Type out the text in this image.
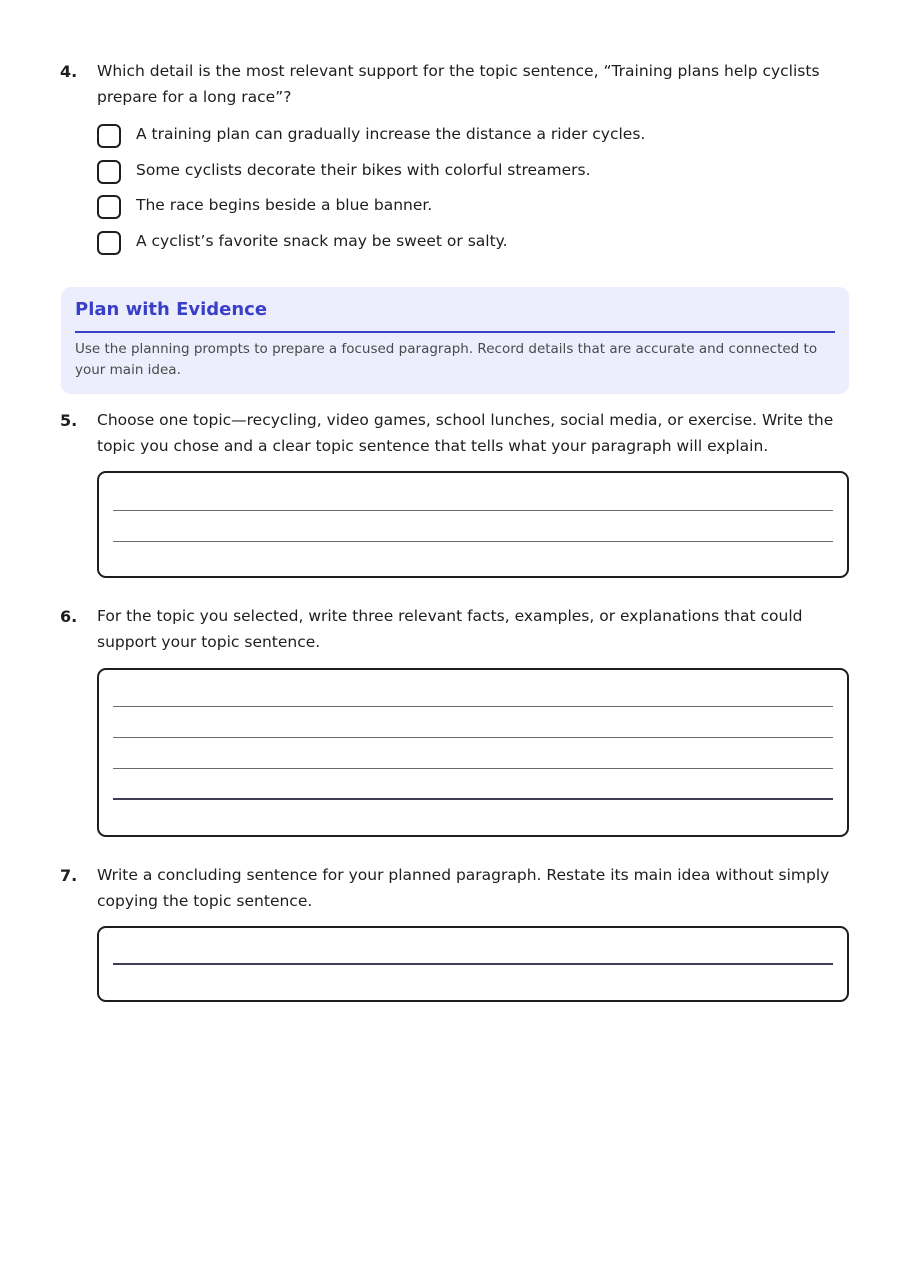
4. Which detail is the most relevant support for the topic sentence, “Training plans help cyclists prepare for a long race”?
A training plan can gradually increase the distance a rider cycles.
Some cyclists decorate their bikes with colorful streamers.
The race begins beside a blue banner.
A cyclist’s favorite snack may be sweet or salty.
Plan with Evidence
Use the planning prompts to prepare a focused paragraph. Record details that are accurate and connected to your main idea.
5. Choose one topic—recycling, video games, school lunches, social media, or exercise. Write the topic you chose and a clear topic sentence that tells what your paragraph will explain.
6. For the topic you selected, write three relevant facts, examples, or explanations that could support your topic sentence.
7. Write a concluding sentence for your planned paragraph. Restate its main idea without simply copying the topic sentence.
